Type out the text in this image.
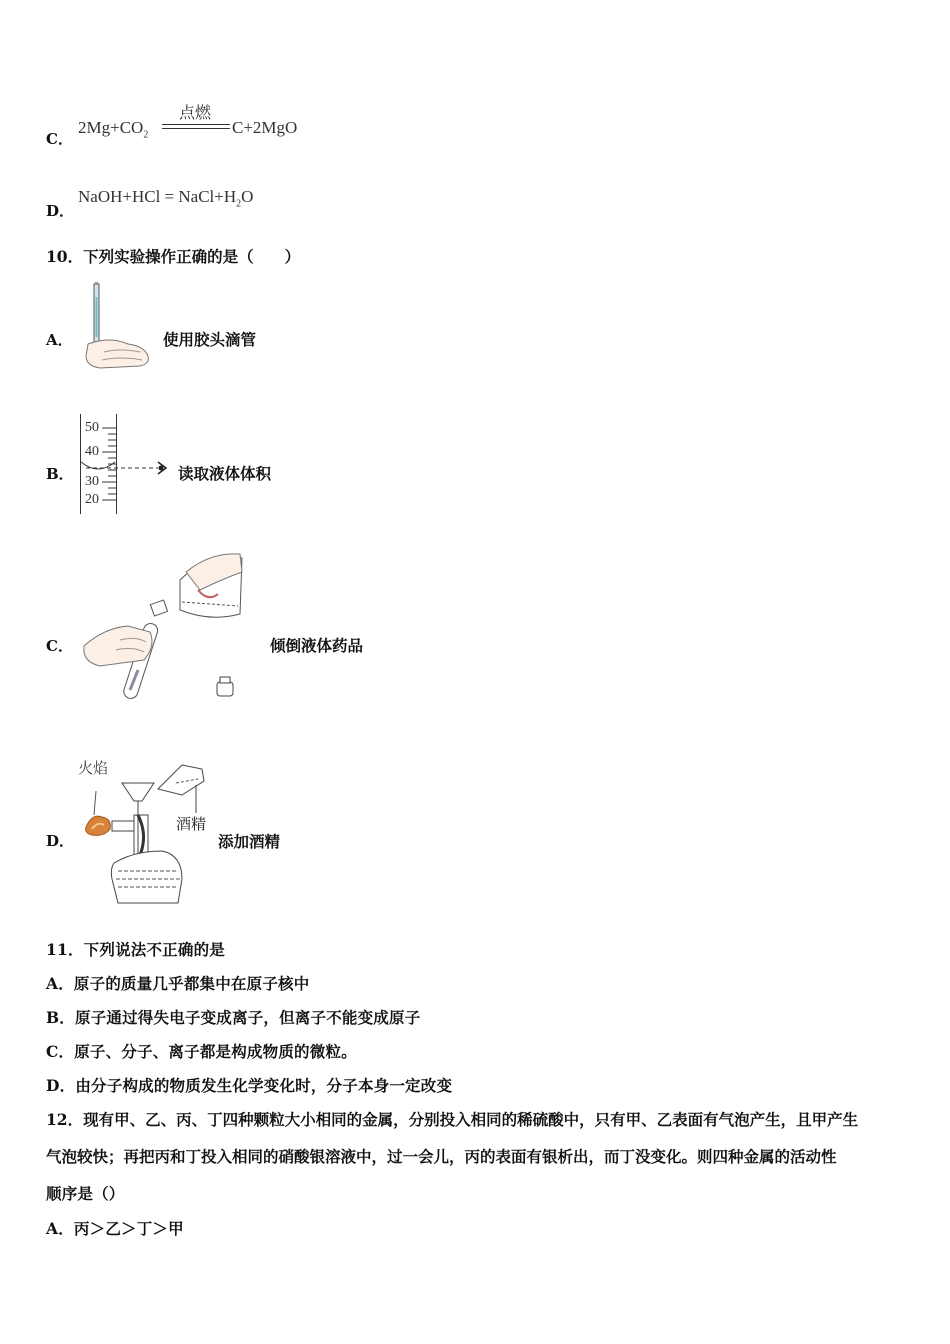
C．
$2Mg+CO_2$
点燃
C+2MgO
D．
NaOH+HCl = $NaCl+H_2O$
10．下列实验操作正确的是（　　）
A．	使用胶头滴管
B．
50
40
30
20
读取液体体积
C．	倾倒液体药品
D．
火焰
酒精
添加酒精
11．下列说法不正确的是
A．原子的质量几乎都集中在原子核中
B．原子通过得失电子变成离子，但离子不能变成原子
C．原子、分子、离子都是构成物质的微粒。
D．由分子构成的物质发生化学变化时，分子本身一定改变
12．现有甲、乙、丙、丁四种颗粒大小相同的金属，分别投入相同的稀硫酸中，只有甲、乙表面有气泡产生，且甲产生
气泡较快；再把丙和丁投入相同的硝酸银溶液中，过一会儿，丙的表面有银析出，而丁没变化。则四种金属的活动性
顺序是（）
A．丙＞乙＞丁＞甲
